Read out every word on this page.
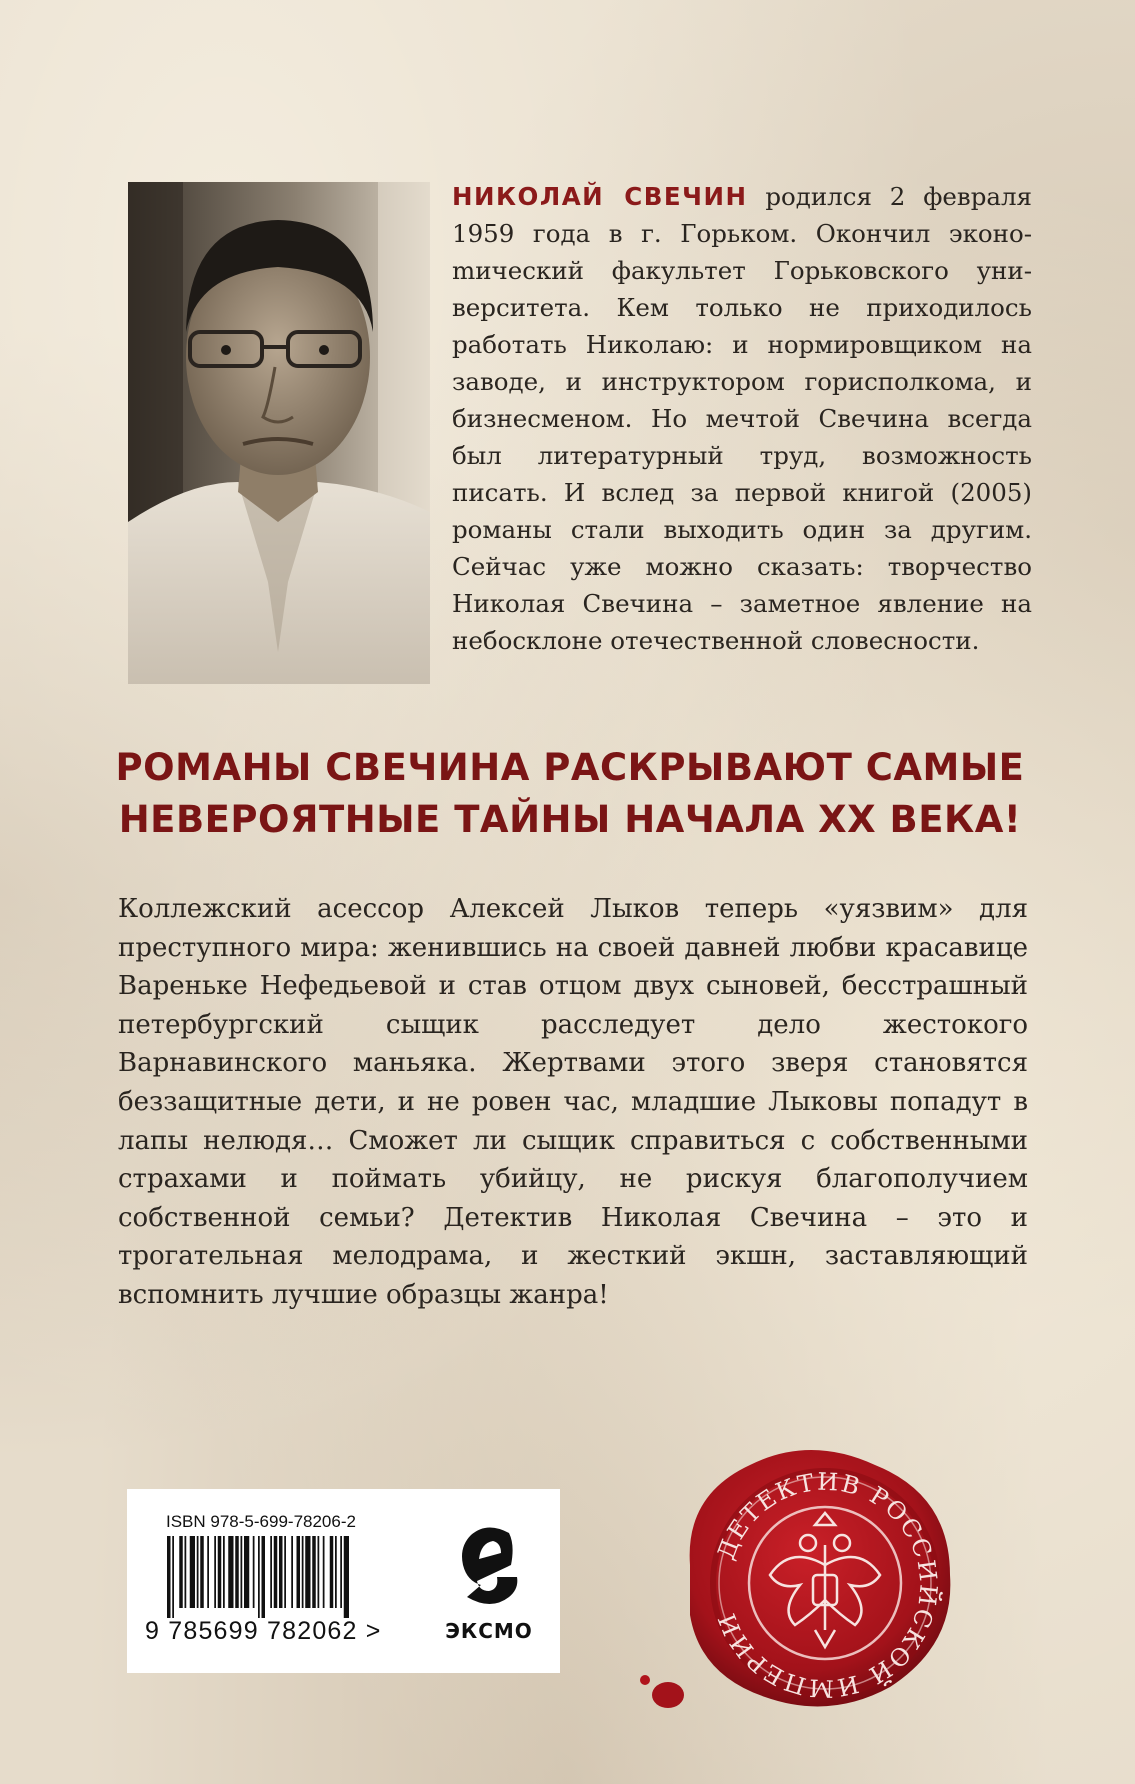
НИКОЛАЙ СВЕЧИН родился 2 февраля 1959 года в г. Горьком. Окончил эконоmический факультет Горьковского университета. Кем только не приходилось работать Николаю: и нормировщиком на заводе, и инструктором горисполкома, и бизнесменом. Но мечтой Свечина всегда был литературный труд, возможность писать. И вслед за первой книгой (2005) романы стали выходить один за другим. Сейчас уже можно сказать: творчество Николая Свечина – заметное явление на небосклоне отечественной словесности.
РОМАНЫ СВЕЧИНА РАСКРЫВАЮТ САМЫЕ
НЕВЕРОЯТНЫЕ ТАЙНЫ НАЧАЛА XX ВЕКА!
Коллежский асессор Алексей Лыков теперь «уязвим» для преступного мира: женившись на своей давней любви красавице Вареньке Нефедьевой и став отцом двух сыновей, бесстрашный петербургский сыщик расследует дело жестокого Варнавинского маньяка. Жертвами этого зверя становятся беззащитные дети, и не ровен час, младшие Лыковы попадут в лапы нелюдя… Сможет ли сыщик справиться с собственными страхами и поймать убийцу, не рискуя благополучием собственной семьи? Детектив Николая Свечина – это и трогательная мелодрама, и жесткий экшн, заставляющий вспомнить лучшие образцы жанра!
ISBN 978-5-699-78206-2
9 785699 782062 >	ЭКСМО
ДЕТЕКТИВ РОССИЙСКОЙ ИМПЕРИИ
